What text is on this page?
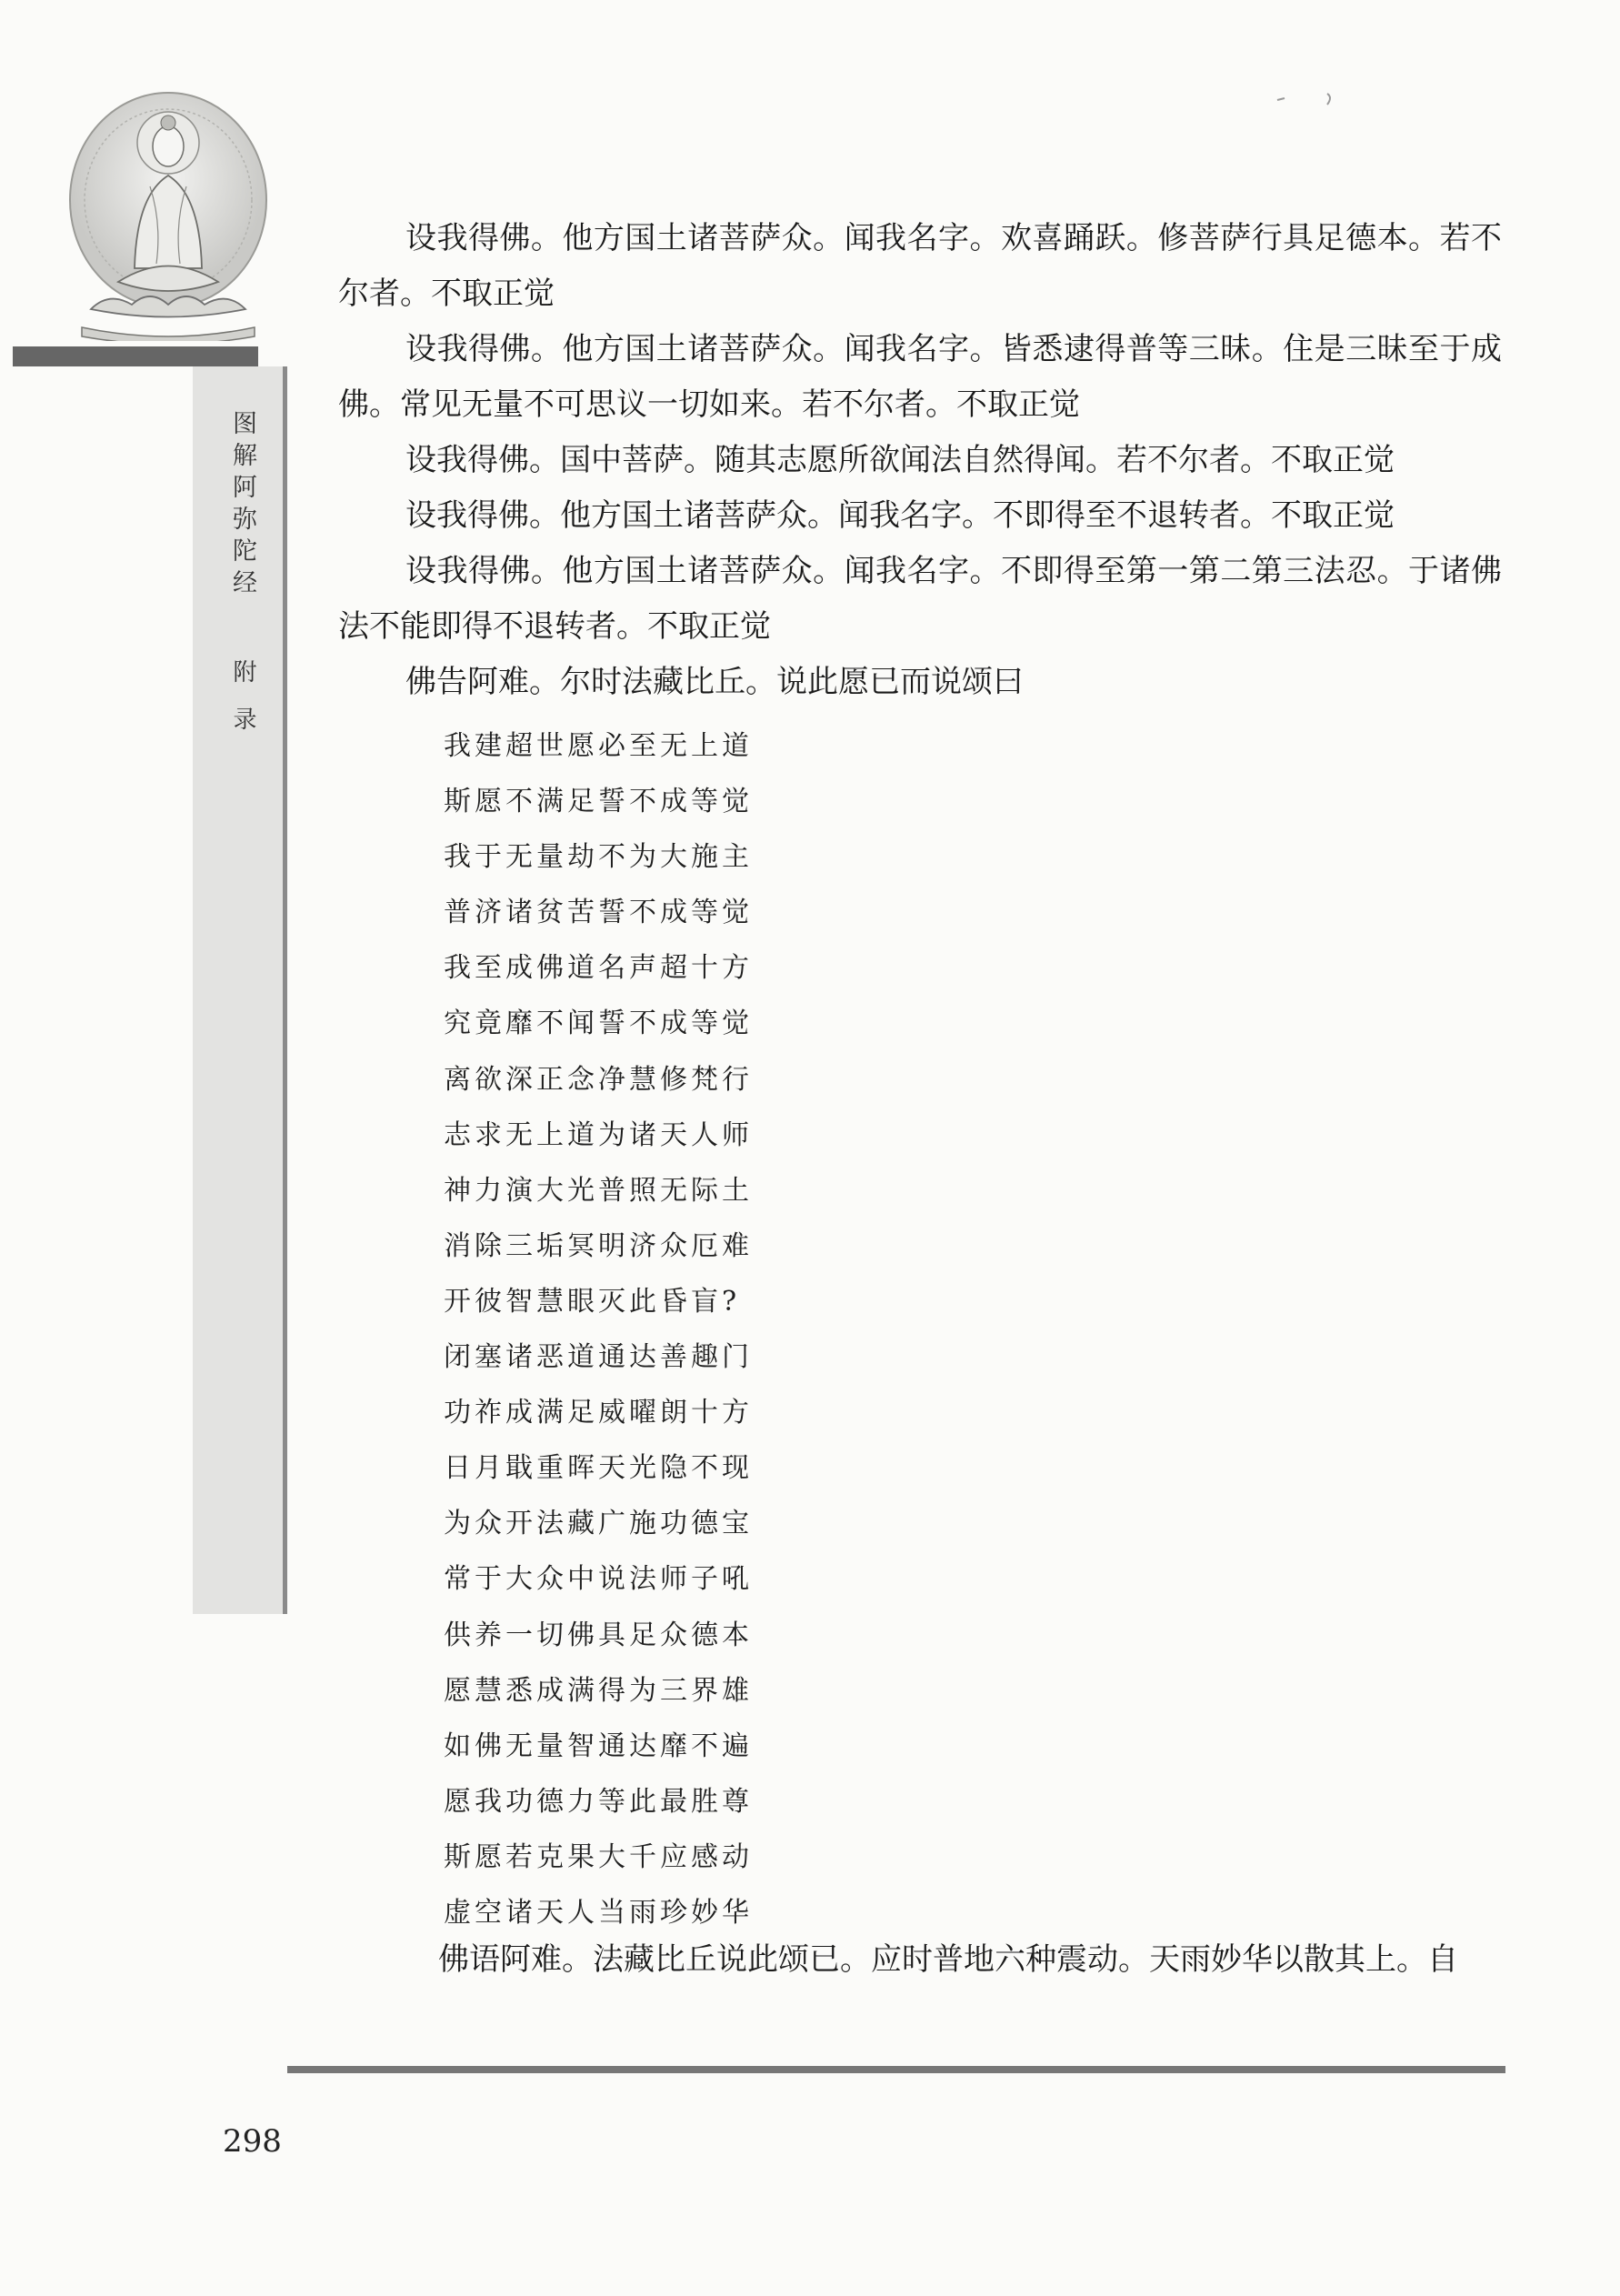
图解阿弥陀经
附录

设我得佛。他方国土诸菩萨众。闻我名字。欢喜踊跃。修菩萨行具足德本。若不尔者。不取正觉

设我得佛。他方国土诸菩萨众。闻我名字。皆悉逮得普等三昧。住是三昧至于成佛。常见无量不可思议一切如来。若不尔者。不取正觉

设我得佛。国中菩萨。随其志愿所欲闻法自然得闻。若不尔者。不取正觉

设我得佛。他方国土诸菩萨众。闻我名字。不即得至不退转者。不取正觉

设我得佛。他方国土诸菩萨众。闻我名字。不即得至第一第二第三法忍。于诸佛法不能即得不退转者。不取正觉

佛告阿难。尔时法藏比丘。说此愿已而说颂曰

我建超世愿必至无上道
斯愿不满足誓不成等觉
我于无量劫不为大施主
普济诸贫苦誓不成等觉
我至成佛道名声超十方
究竟靡不闻誓不成等觉
离欲深正念净慧修梵行
志求无上道为诸天人师
神力演大光普照无际土
消除三垢冥明济众厄难
开彼智慧眼灭此昏盲?
闭塞诸恶道通达善趣门
功祚成满足威曜朗十方
日月戢重晖天光隐不现
为众开法藏广施功德宝
常于大众中说法师子吼
供养一切佛具足众德本
愿慧悉成满得为三界雄
如佛无量智通达靡不遍
愿我功德力等此最胜尊
斯愿若克果大千应感动
虚空诸天人当雨珍妙华
佛语阿难。法藏比丘说此颂已。应时普地六种震动。天雨妙华以散其上。自
298
